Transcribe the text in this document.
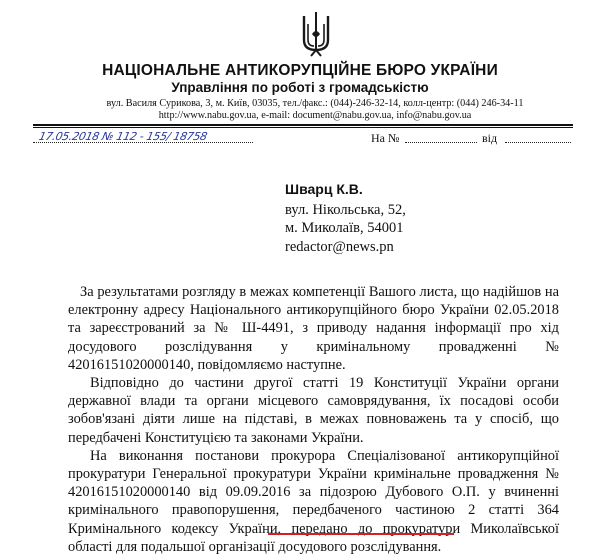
НАЦІОНАЛЬНЕ АНТИКОРУПЦІЙНЕ БЮРО УКРАЇНИ
Управління по роботі з громадськістю
вул. Василя Сурикова, 3, м. Київ, 03035, тел./факс.: (044)-246-32-14, колл-центр: (044) 246-34-11
http://www.nabu.gov.ua, e-mail: document@nabu.gov.ua, info@nabu.gov.ua
17.05.2018 № 112 - 155/ 18758	На №	від
Шварц К.В.
вул. Нікольська, 52,
м. Миколаїв, 54001
redactor@news.pn

За результатами розгляду в межах компетенції Вашого листа, що надійшов на електронну адресу Національного антикорупційного бюро України 02.05.2018 та зареєстрований за № Ш-4491, з приводу надання інформації про хід досудового розслідування у кримінальному провадженні № 42016151020000140, повідомляємо наступне.

Відповідно до частини другої статті 19 Конституції України органи державної влади та органи місцевого самоврядування, їх посадові особи зобов'язані діяти лише на підставі, в межах повноважень та у спосіб, що передбачені Конституцією та законами України.

На виконання постанови прокурора Спеціалізованої антикорупційної прокуратури Генеральної прокуратури України кримінальне провадження № 42016151020000140 від 09.09.2016 за підозрою Дубового О.П. у вчиненні кримінального правопорушення, передбаченого частиною 2 статті 364 Кримінального кодексу України, передано до прокуратури Миколаївської області для подальшої організації досудового розслідування.
